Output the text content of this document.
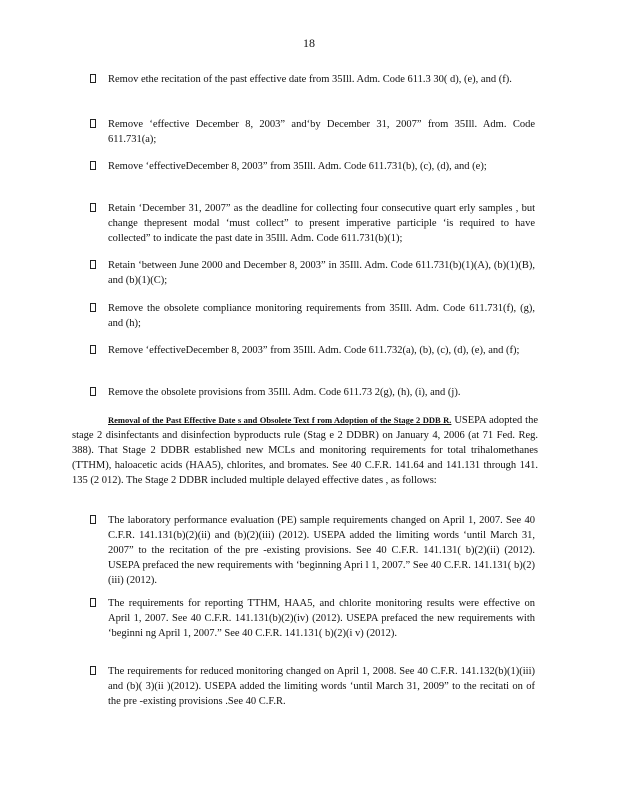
18
Remov ethe recitation of the past effective date from 35Ill. Adm. Code 611.3 30( d), (e), and (f).
Remove ‘effective December 8, 2003” and‘by December 31, 2007” from 35Ill. Adm. Code 611.731(a);
Remove ‘effectiveDecember 8, 2003” from 35Ill. Adm. Code 611.731(b), (c), (d), and (e);
Retain ‘December 31, 2007” as the deadline for collecting four consecutive quart erly samples , but change thepresent modal ‘must collect” to present imperative participle ‘is required to have collected” to indicate the past date in 35Ill. Adm. Code 611.731(b)(1);
Retain ‘between June 2000 and December 8, 2003” in 35Ill. Adm. Code 611.731(b)(1)(A), (b)(1)(B), and (b)(1)(C);
Remove the obsolete compliance monitoring requirements from 35Ill. Adm. Code 611.731(f), (g), and (h);
Remove ‘effectiveDecember 8, 2003” from 35Ill. Adm. Code 611.732(a), (b), (c), (d), (e), and (f);
Remove the obsolete provisions from 35Ill. Adm. Code 611.73 2(g), (h), (i), and (j).
Removal of the Past Effective Date s and Obsolete Text f rom Adoption of the Stage 2 DDB R. USEPA adopted the stage 2 disinfectants and disinfection byproducts rule (Stag e 2 DDBR) on January 4, 2006 (at 71 Fed. Reg. 388). That Stage 2 DDBR established new MCLs and monitoring requirements for total trihalomethanes (TTHM), haloacetic acids (HAA5), chlorites, and bromates. See 40 C.F.R. 141.64 and 141.131 through 141. 135 (2 012). The Stage 2 DDBR included multiple delayed effective dates , as follows:
The laboratory performance evaluation (PE) sample requirements changed on April 1, 2007. See 40 C.F.R. 141.131(b)(2)(ii) and (b)(2)(iii) (2012). USEPA added the limiting words ‘until March 31, 2007” to the recitation of the pre -existing provisions. See 40 C.F.R. 141.131( b)(2)(ii) (2012). USEPA prefaced the new requirements with ‘beginning Apri l 1, 2007.” See 40 C.F.R. 141.131( b)(2)(iii) (2012).
The requirements for reporting TTHM, HAA5, and chlorite monitoring results were effective on April 1, 2007. See 40 C.F.R. 141.131(b)(2)(iv) (2012). USEPA prefaced the new requirements with ‘beginni ng April 1, 2007.” See 40 C.F.R. 141.131( b)(2)(i v) (2012).
The requirements for reduced monitoring changed on April 1, 2008. See 40 C.F.R. 141.132(b)(1)(iii) and (b)( 3)(ii )(2012). USEPA added the limiting words ‘until March 31, 2009” to the recitati on of the pre -existing provisions .See 40 C.F.R.
